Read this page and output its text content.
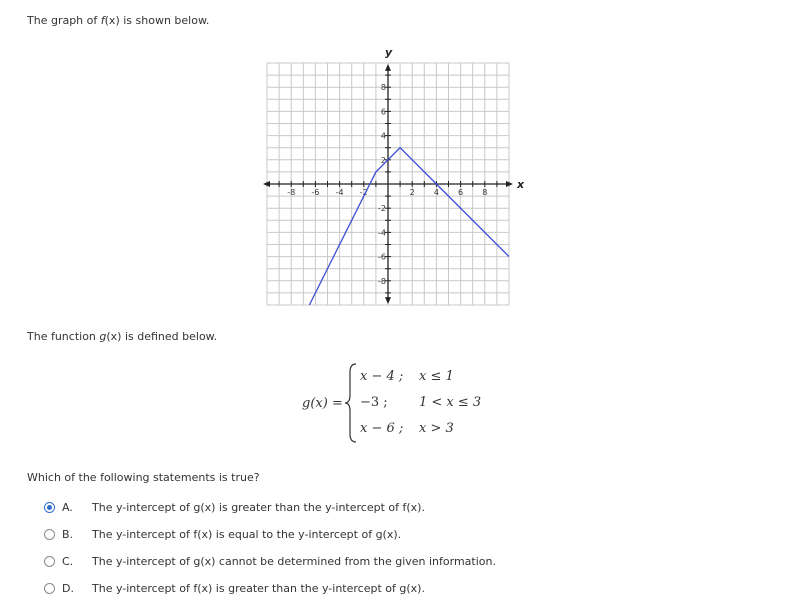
The graph of f(x) is shown below.
-8 -6 -4 -2	2 4 6 8
8
6
4
2
-2
-4
-6
-8
x
y
The function g(x) is defined below.
g(x) =
x − 4 ; x ≤ 1
−3 ; 1 < x ≤ 3
x − 6 ; x > 3
Which of the following statements is true?
A.	The y-intercept of g(x) is greater than the y-intercept of f(x).
B.	The y-intercept of f(x) is equal to the y-intercept of g(x).
C.	The y-intercept of g(x) cannot be determined from the given information.
D.	The y-intercept of f(x) is greater than the y-intercept of g(x).
